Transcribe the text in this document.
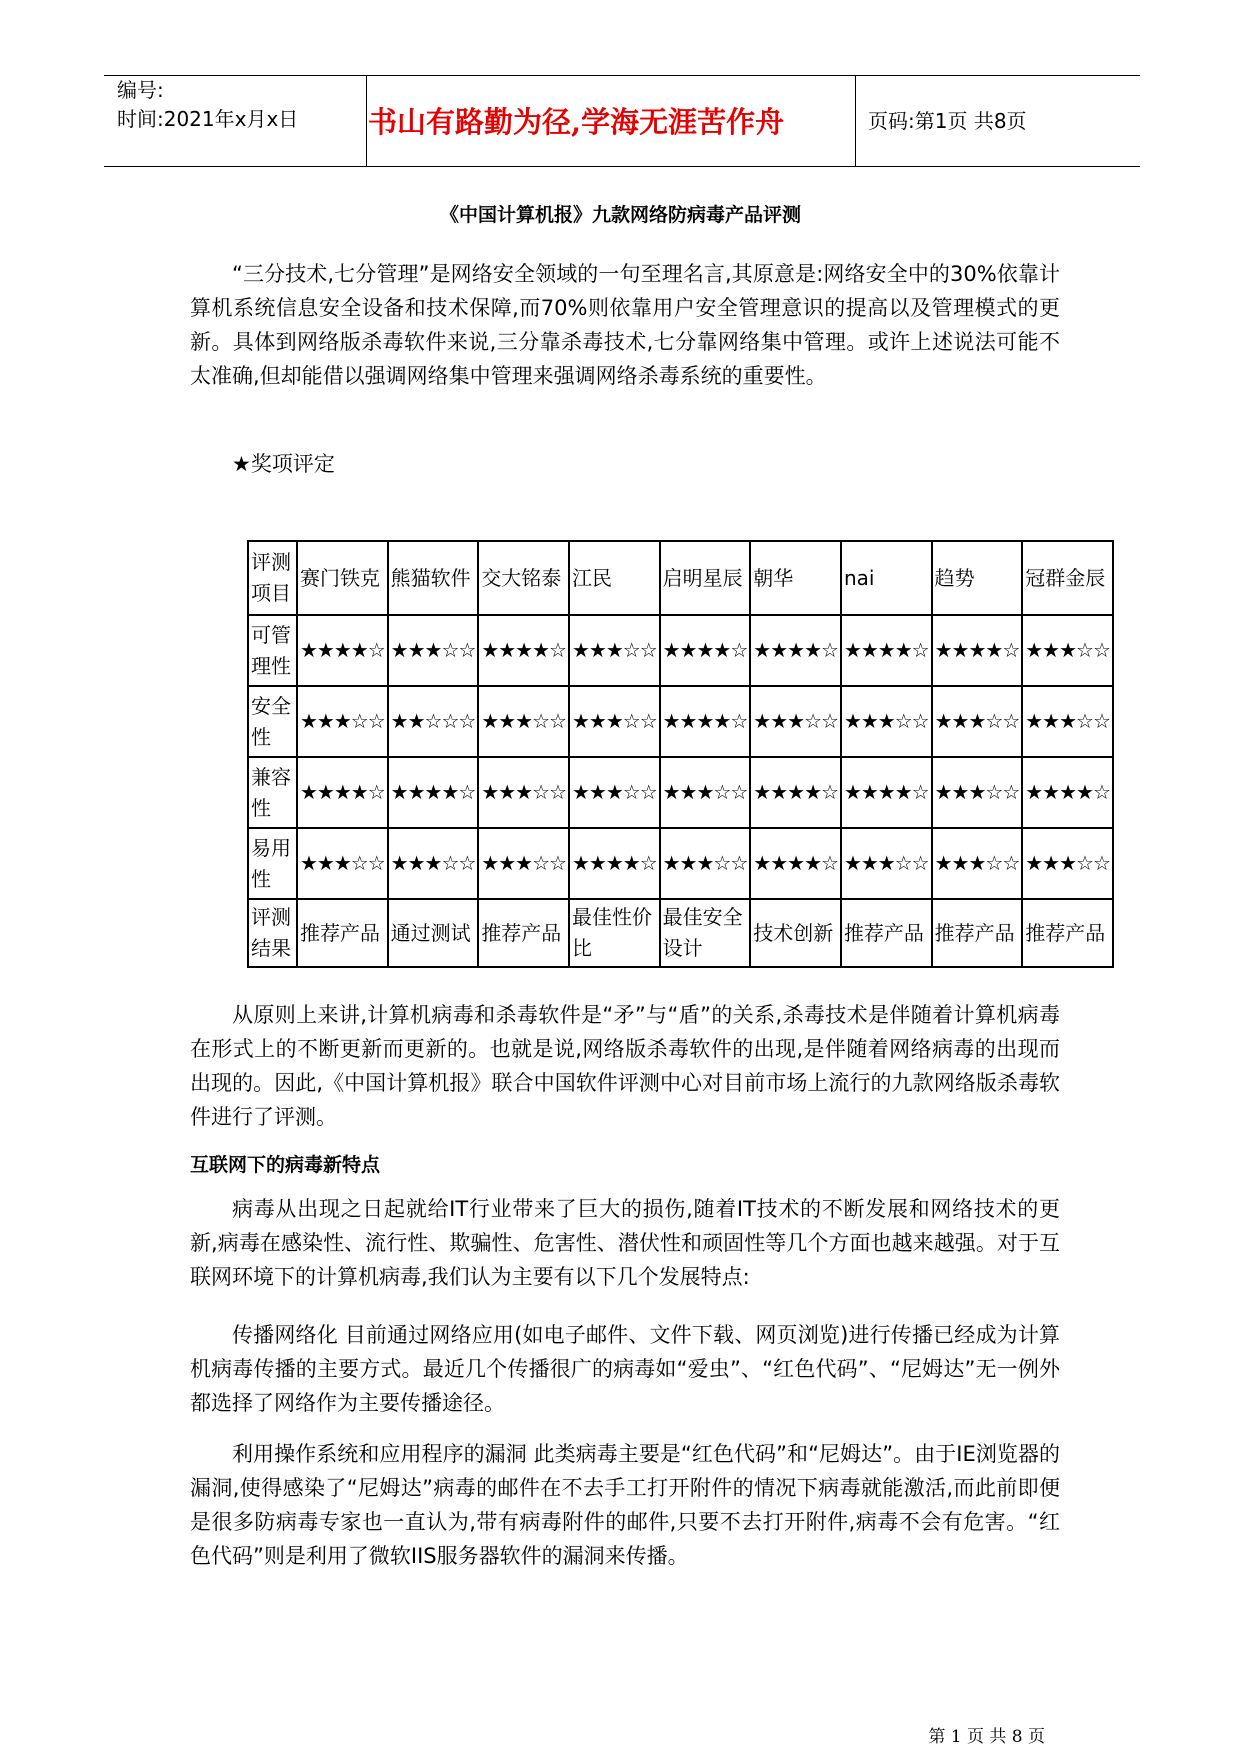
编号:
时间:2021年x月x日 书山有路勤为径,学海无涯苦作舟	页码:第1页 共8页
《中国计算机报》九款网络防病毒产品评测
“三分技术,七分管理”是网络安全领域的一句至理名言,其原意是:网络安全中的30%依靠计算机系统信息安全设备和技术保障,而70%则依靠用户安全管理意识的提高以及管理模式的更新。具体到网络版杀毒软件来说,三分靠杀毒技术,七分靠网络集中管理。或许上述说法可能不太准确,但却能借以强调网络集中管理来强调网络杀毒系统的重要性。
★奖项评定
评测项目	赛门铁克	熊猫软件	交大铭泰	江民	启明星辰	朝华	nai	趋势	冠群金辰
可管理性	★★★★☆	★★★☆☆	★★★★☆	★★★☆☆	★★★★☆	★★★★☆	★★★★☆	★★★★☆	★★★☆☆
安全性	★★★☆☆	★★☆☆☆	★★★☆☆	★★★☆☆	★★★★☆	★★★☆☆	★★★☆☆	★★★☆☆	★★★☆☆
兼容性	★★★★☆	★★★★☆	★★★☆☆	★★★☆☆	★★★☆☆	★★★★☆	★★★★☆	★★★☆☆	★★★★☆
易用性	★★★☆☆	★★★☆☆	★★★☆☆	★★★★☆	★★★☆☆	★★★★☆	★★★☆☆	★★★☆☆	★★★☆☆
评测结果	推荐产品	通过测试	推荐产品	最佳性价比	最佳安全设计	技术创新	推荐产品	推荐产品	推荐产品
从原则上来讲,计算机病毒和杀毒软件是“矛”与“盾”的关系,杀毒技术是伴随着计算机病毒在形式上的不断更新而更新的。也就是说,网络版杀毒软件的出现,是伴随着网络病毒的出现而出现的。因此,《中国计算机报》联合中国软件评测中心对目前市场上流行的九款网络版杀毒软件进行了评测。
互联网下的病毒新特点
病毒从出现之日起就给IT行业带来了巨大的损伤,随着IT技术的不断发展和网络技术的更新,病毒在感染性、流行性、欺骗性、危害性、潜伏性和顽固性等几个方面也越来越强。对于互联网环境下的计算机病毒,我们认为主要有以下几个发展特点:
传播网络化 目前通过网络应用(如电子邮件、文件下载、网页浏览)进行传播已经成为计算机病毒传播的主要方式。最近几个传播很广的病毒如“爱虫”、“红色代码”、“尼姆达”无一例外都选择了网络作为主要传播途径。
利用操作系统和应用程序的漏洞 此类病毒主要是“红色代码”和“尼姆达”。由于IE浏览器的漏洞,使得感染了“尼姆达”病毒的邮件在不去手工打开附件的情况下病毒就能激活,而此前即便是很多防病毒专家也一直认为,带有病毒附件的邮件,只要不去打开附件,病毒不会有危害。“红色代码”则是利用了微软IIS服务器软件的漏洞来传播。
第 1 页 共 8 页
